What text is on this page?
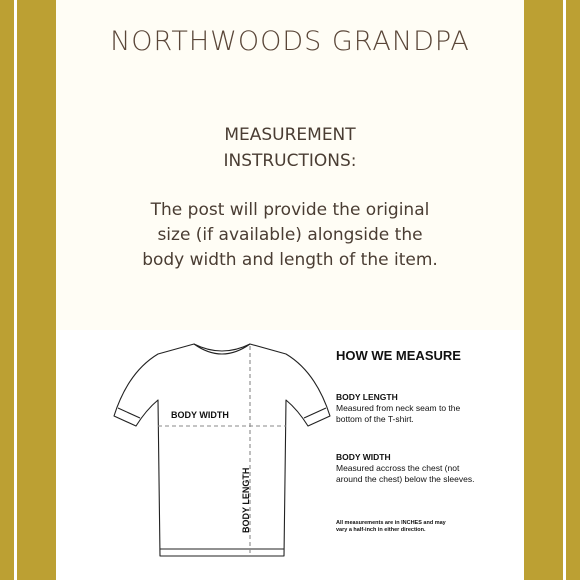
NORTHWOODS GRANDPA
MEASUREMENT
INSTRUCTIONS:
The post will provide the original size (if available) alongside the body width and length of the item.
BODY WIDTH
BODY LENGTH
HOW WE MEASURE
BODY LENGTH
Measured from neck seam to the bottom of the T-shirt.
BODY WIDTH
Measured accross the chest (not around the chest) below the sleeves.
All measurements are in INCHES and may vary a half-inch in either direction.
